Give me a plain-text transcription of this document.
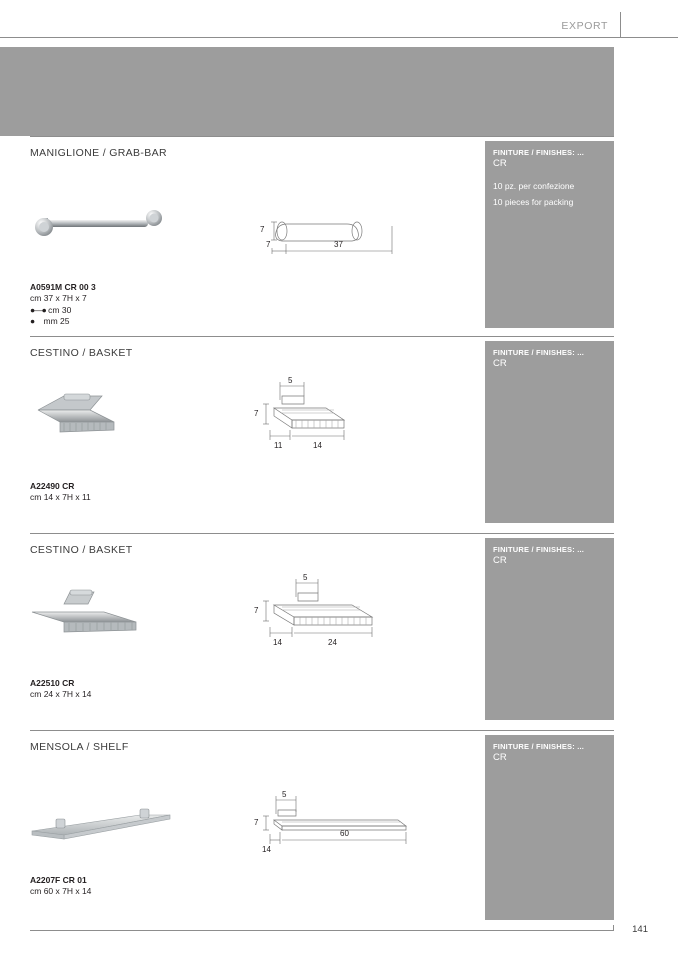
EXPORT
MANIGLIONE / GRAB-BAR	FINITURE / FINISHES: ...
CR
10 pz. per confezione
10 pieces for packing
7
7	37
A0591M CR 00 3
cm 37 x 7H x 7
●—● cm 30
● mm 25
CESTINO / BASKET	FINITURE / FINISHES: ...
CR
5
7
11	14
A22490 CR
cm 14 x 7H x 11
CESTINO / BASKET	FINITURE / FINISHES: ...
CR
5
7
14	24
A22510 CR
cm 24 x 7H x 14
MENSOLA / SHELF	FINITURE / FINISHES: ...
CR
5
7
14
60
A2207F CR 01
cm 60 x 7H x 14
141
